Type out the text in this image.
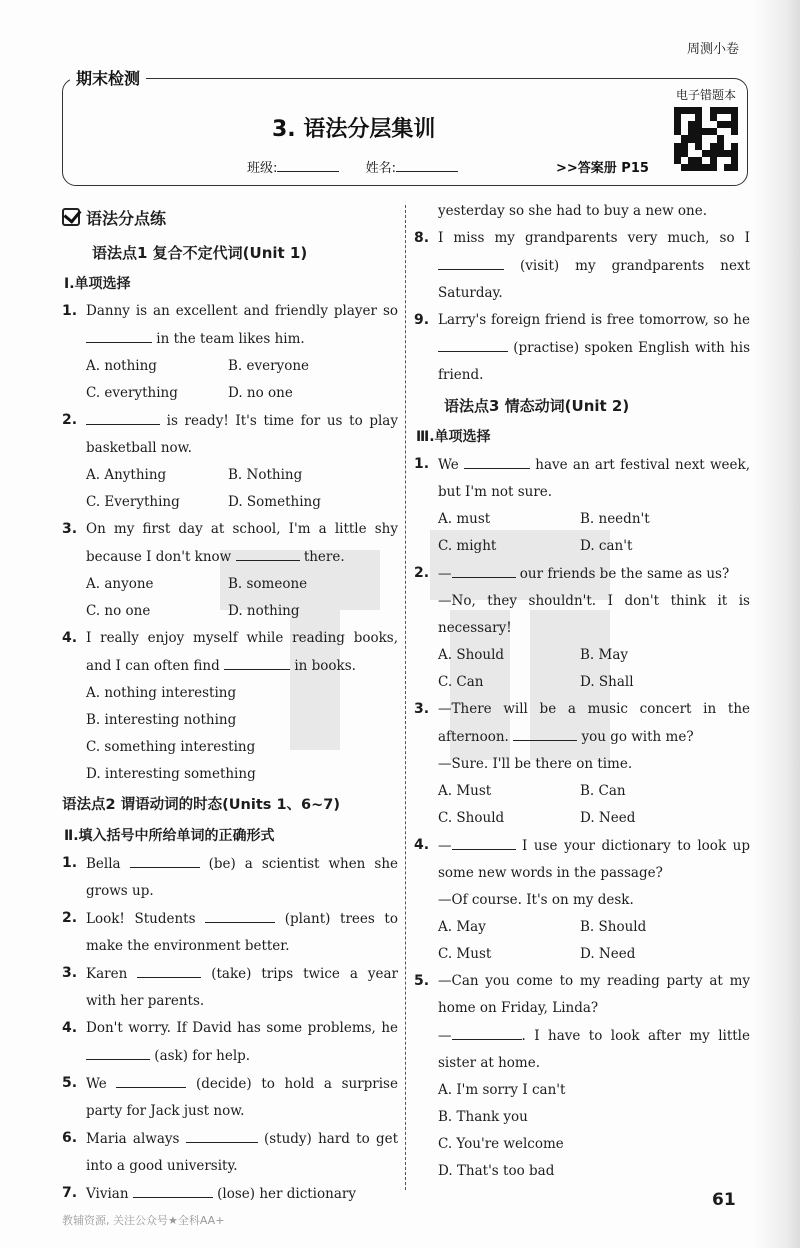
周测小卷
期末检测
3. 语法分层集训
班级:	姓名:	>>答案册 P15
电子错题本
语法分点练
语法点1 复合不定代词(Unit 1)
Ⅰ.单项选择
1. Danny is an excellent and friendly player so  in the team likes him.
A. nothing	B. everyone
C. everything	D. no one
2.	is ready! It's time for us to play basketball now.
A. Anything	B. Nothing
C. Everything	D. Something
3. On my first day at school, I'm a little shy because I don't know	there.
A. anyone	B. someone
C. no one	D. nothing
4. I really enjoy myself while reading books, and I can often find	in books.
A. nothing interesting
B. interesting nothing
C. something interesting
D. interesting something
语法点2 谓语动词的时态(Units 1、6~7)
Ⅱ.填入括号中所给单词的正确形式
1. Bella	(be) a scientist when she grows up.
2. Look! Students	(plant) trees to make the environment better.
3. Karen	(take) trips twice a year with her parents.
4. Don't worry. If David has some problems, he  (ask) for help.
5. We	(decide) to hold a surprise party for Jack just now.
6. Maria always	(study) hard to get into a good university.
7. Vivian	(lose) her dictionary
yesterday so she had to buy a new one.
8. I miss my grandparents very much, so I  (visit) my grandparents next Saturday.
9. Larry's foreign friend is free tomorrow, so he  (practise) spoken English with his friend.
语法点3 情态动词(Unit 2)
Ⅲ.单项选择
1. We	have an art festival next week, but I'm not sure.
A. must	B. needn't
C. might	D. can't
2. —	our friends be the same as us?
—No, they shouldn't. I don't think it is necessary!
A. Should	B. May
C. Can	D. Shall
3. —There will be a music concert in the afternoon.	you go with me?
—Sure. I'll be there on time.
A. Must	B. Can
C. Should	D. Need
4. —	I use your dictionary to look up some new words in the passage?
—Of course. It's on my desk.
A. May	B. Should
C. Must	D. Need
5. —Can you come to my reading party at my home on Friday, Linda?
—	. I have to look after my little sister at home.
A. I'm sorry I can't
B. Thank you
C. You're welcome
D. That's too bad
61
教辅资源, 关注公众号★全科AA+
